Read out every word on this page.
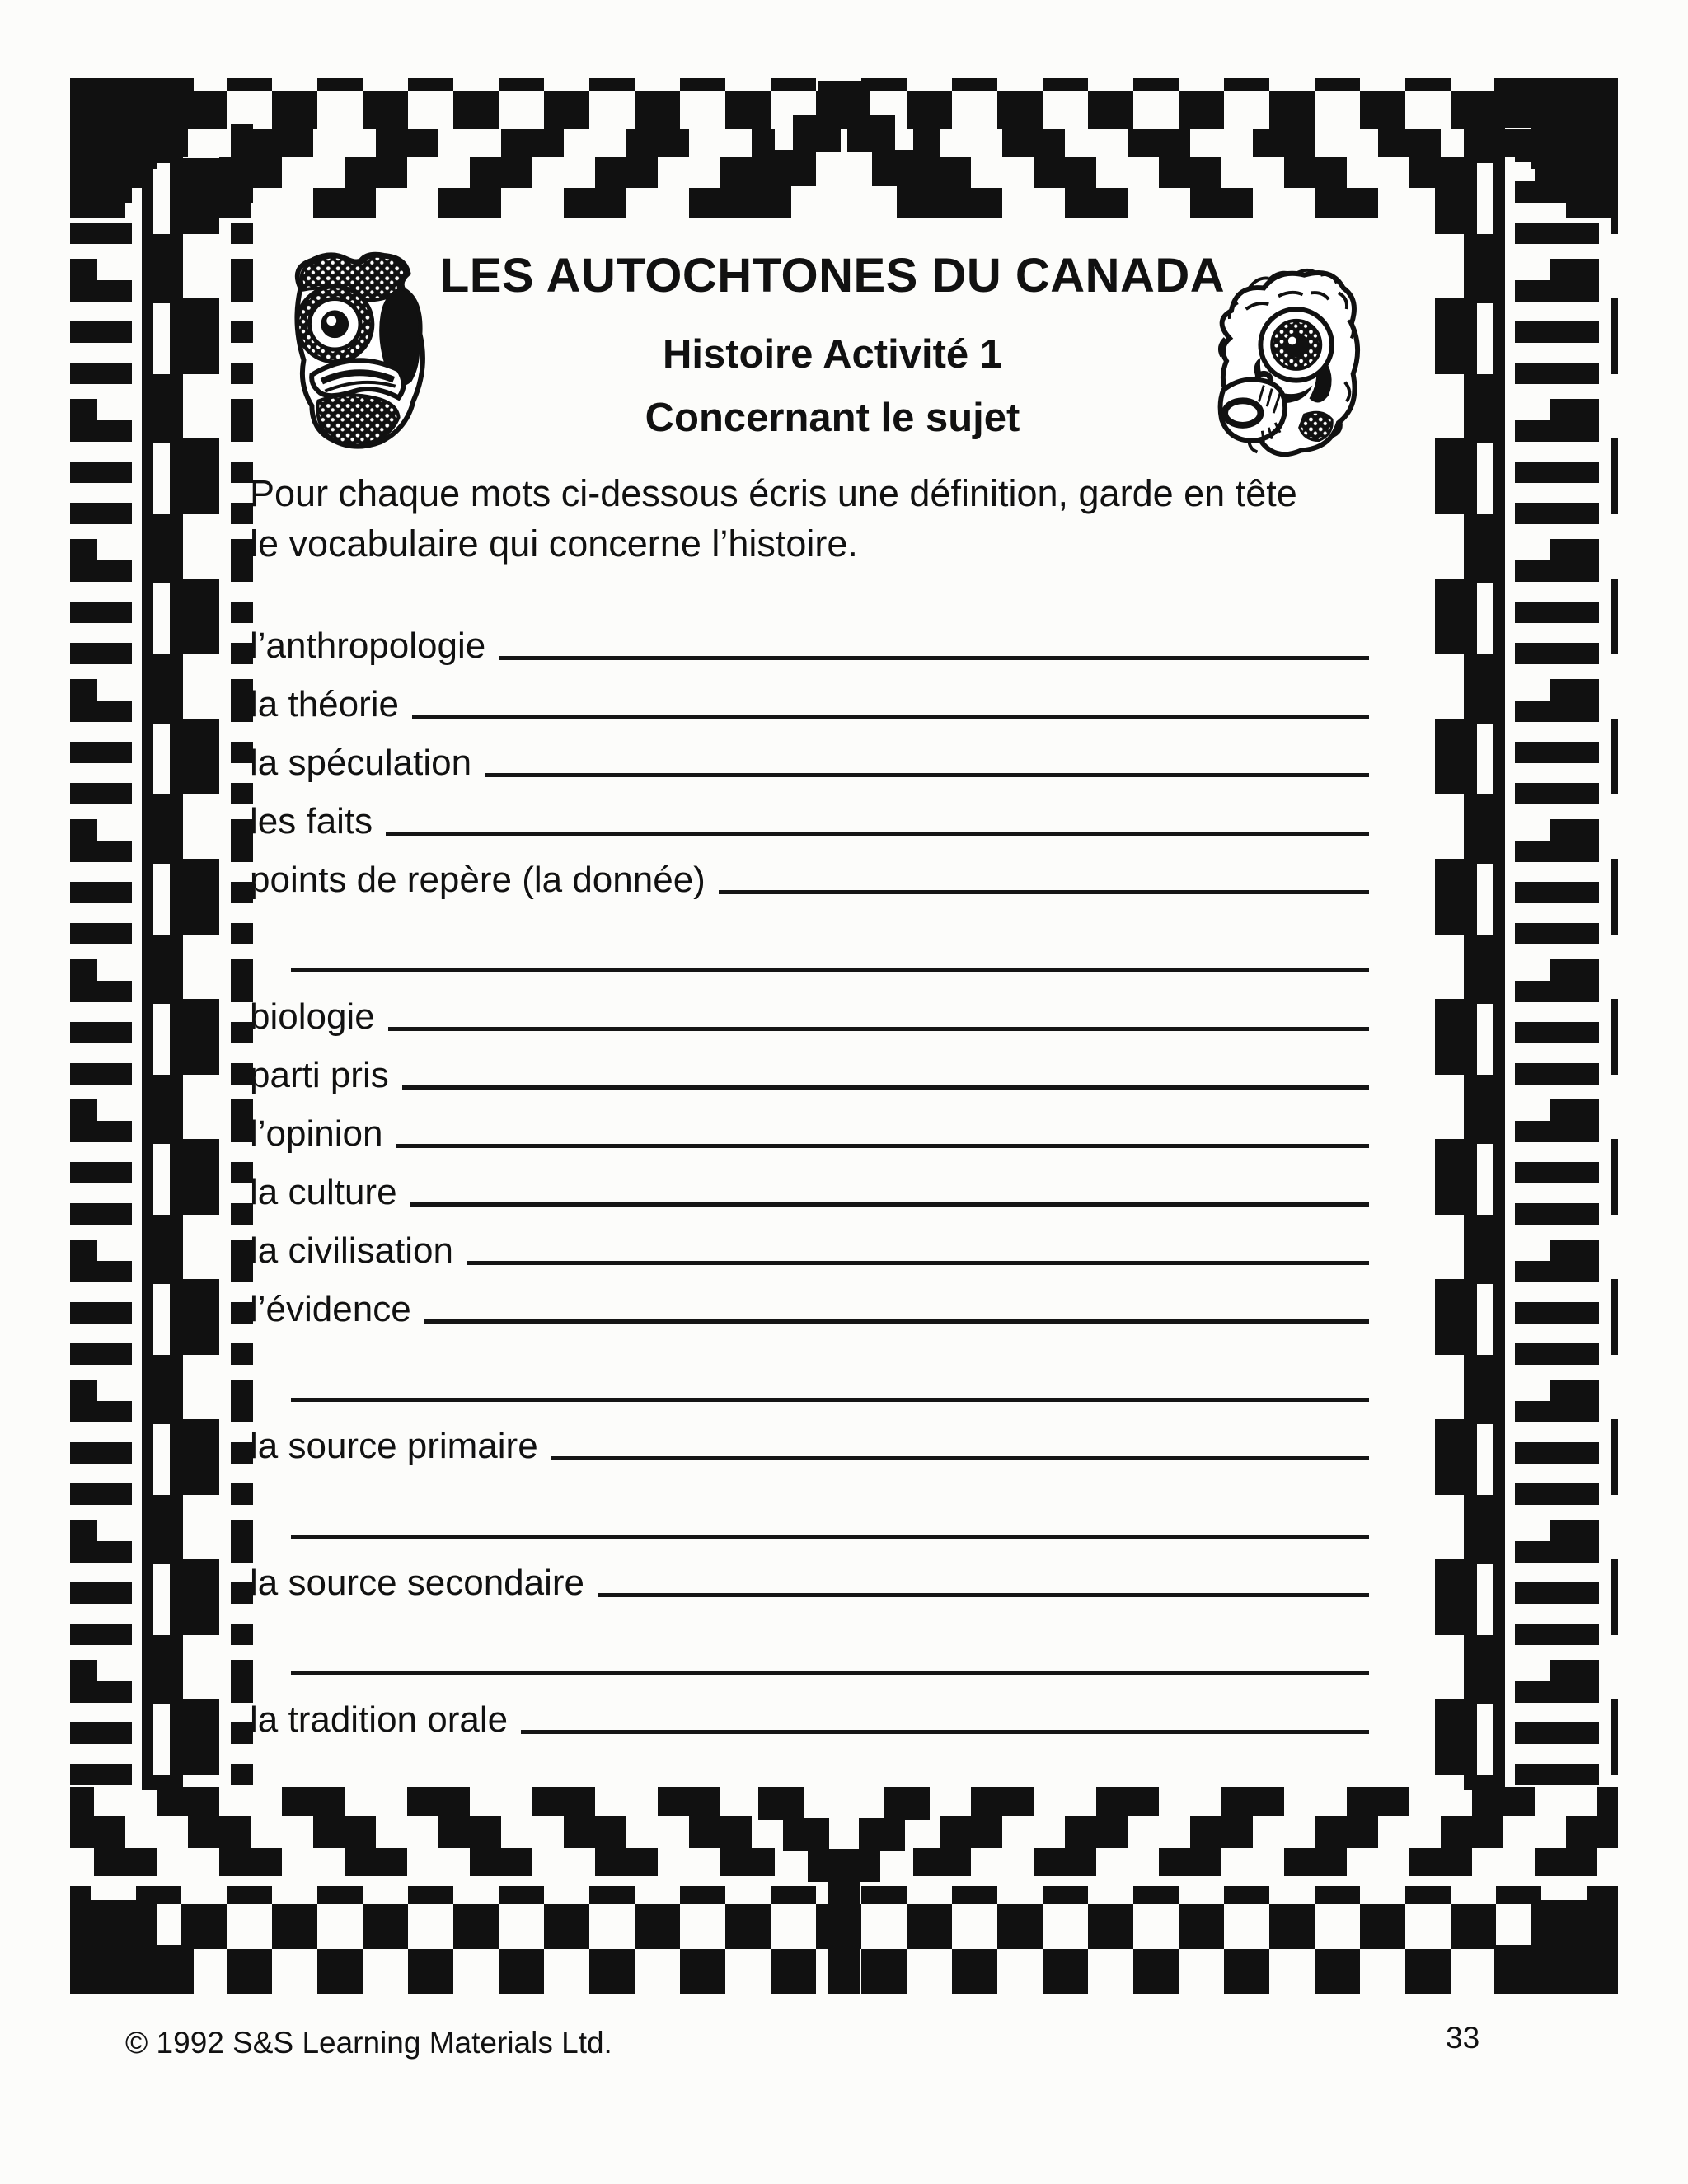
LES AUTOCHTONES DU CANADA
Histoire Activité 1
Concernant le sujet
Pour chaque mots ci-dessous écris une définition, garde en tête
le vocabulaire qui concerne l’histoire.
l’anthropologie
la théorie
la spéculation
les faits
points de repère (la donnée)
biologie
parti pris
l’opinion
la culture
la civilisation
l’évidence
la source primaire
la source secondaire
la tradition orale
© 1992 S&S Learning Materials Ltd.	33
